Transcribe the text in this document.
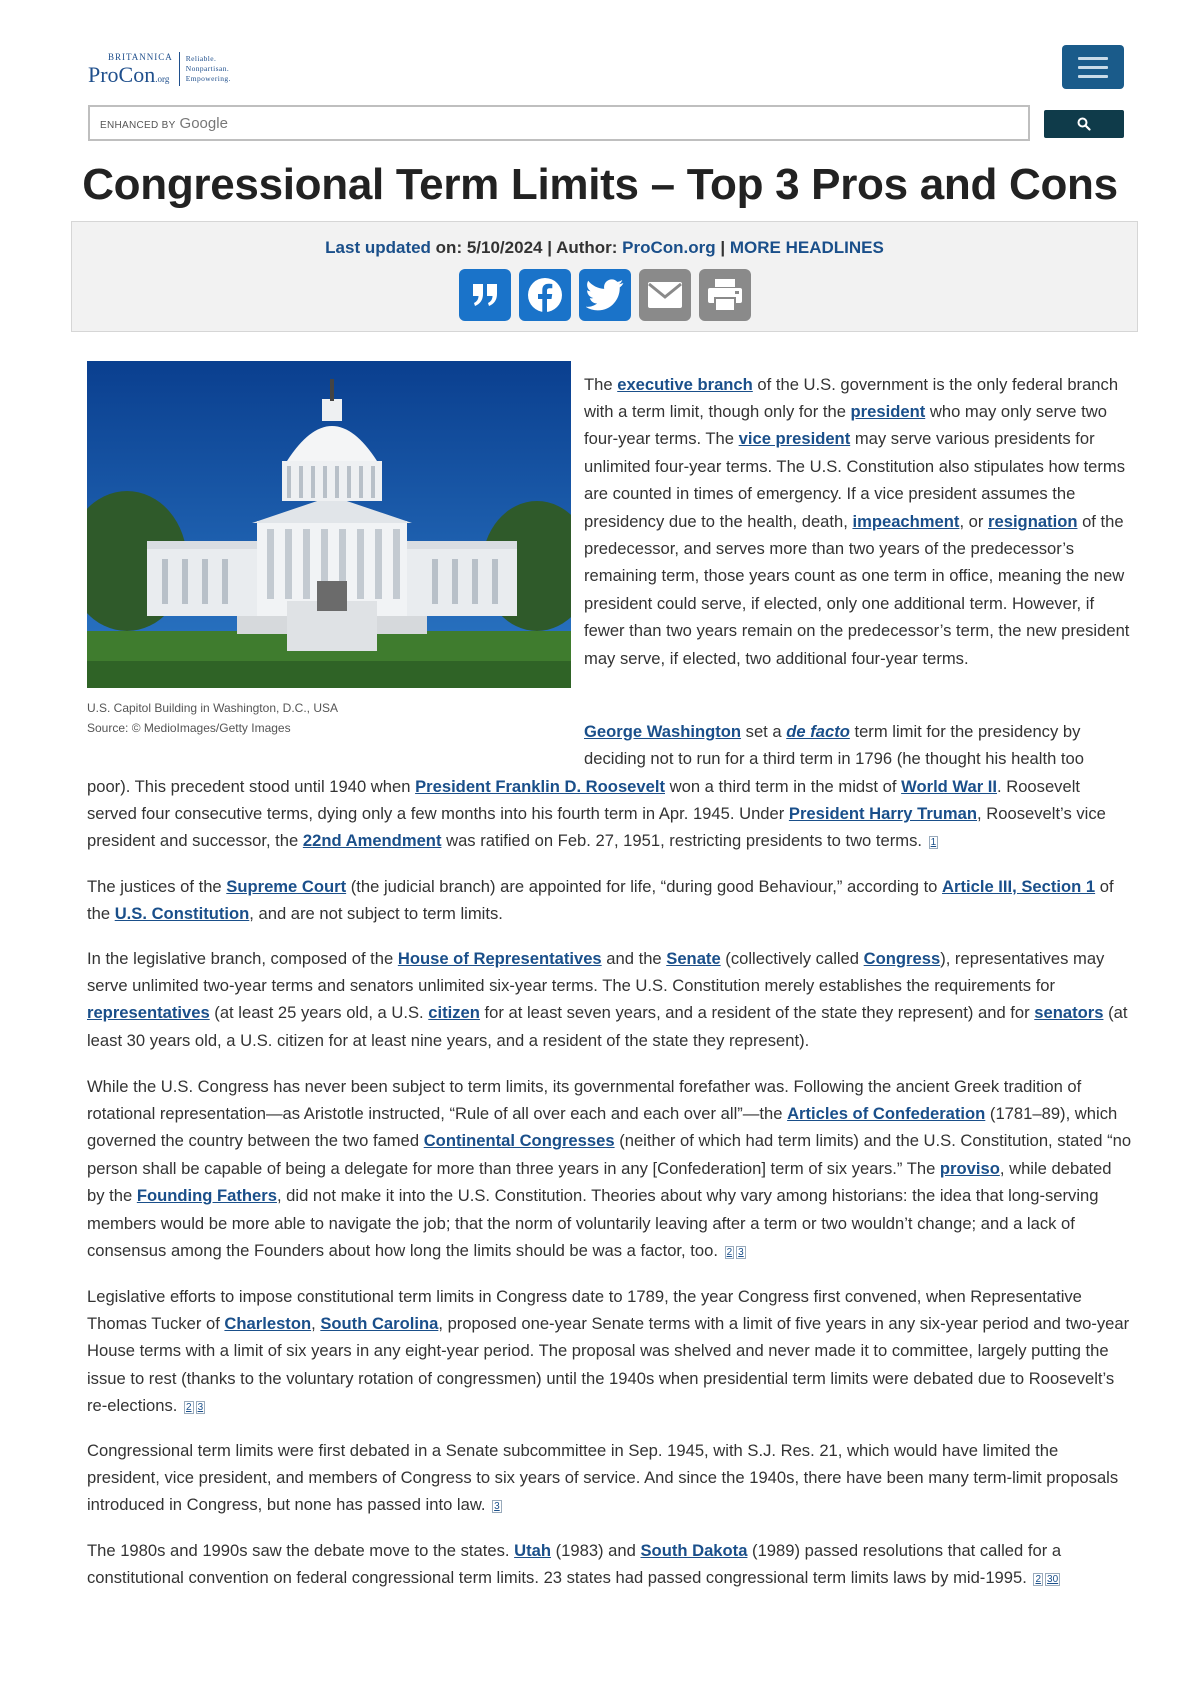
BRITANNICA
ProCon.org
Reliable.
Nonpartisan.
Empowering.
ENHANCED BY Google
Congressional Term Limits – Top 3 Pros and Cons
Last updated on: 5/10/2024 | Author: ProCon.org | MORE HEADLINES
U.S. Capitol Building in Washington, D.C., USA
Source: © MedioImages/Getty Images

The executive branch of the U.S. government is the only federal branch with a term limit, though only for the president who may only serve two four-year terms. The vice president may serve various presidents for unlimited four-year terms. The U.S. Constitution also stipulates how terms are counted in times of emergency. If a vice president assumes the presidency due to the health, death, impeachment, or resignation of the predecessor, and serves more than two years of the predecessor’s remaining term, those years count as one term in office, meaning the new president could serve, if elected, only one additional term. However, if fewer than two years remain on the predecessor’s term, the new president may serve, if elected, two additional four-year terms.

George Washington set a de facto term limit for the presidency by deciding not to run for a third term in 1796 (he thought his health too

poor). This precedent stood until 1940 when President Franklin D. Roosevelt won a third term in the midst of World War II. Roosevelt served four consecutive terms, dying only a few months into his fourth term in Apr. 1945. Under President Harry Truman, Roosevelt’s vice president and successor, the 22nd Amendment was ratified on Feb. 27, 1951, restricting presidents to two terms. 1

The justices of the Supreme Court (the judicial branch) are appointed for life, “during good Behaviour,” according to Article III, Section 1 of the U.S. Constitution, and are not subject to term limits.

In the legislative branch, composed of the House of Representatives and the Senate (collectively called Congress), representatives may serve unlimited two-year terms and senators unlimited six-year terms. The U.S. Constitution merely establishes the requirements for representatives (at least 25 years old, a U.S. citizen for at least seven years, and a resident of the state they represent) and for senators (at least 30 years old, a U.S. citizen for at least nine years, and a resident of the state they represent).

While the U.S. Congress has never been subject to term limits, its governmental forefather was. Following the ancient Greek tradition of rotational representation—as Aristotle instructed, “Rule of all over each and each over all”—the Articles of Confederation (1781–89), which governed the country between the two famed Continental Congresses (neither of which had term limits) and the U.S. Constitution, stated “no person shall be capable of being a delegate for more than three years in any [Confederation] term of six years.” The proviso, while debated by the Founding Fathers, did not make it into the U.S. Constitution. Theories about why vary among historians: the idea that long-serving members would be more able to navigate the job; that the norm of voluntarily leaving after a term or two wouldn’t change; and a lack of consensus among the Founders about how long the limits should be was a factor, too. 2 3

Legislative efforts to impose constitutional term limits in Congress date to 1789, the year Congress first convened, when Representative Thomas Tucker of Charleston, South Carolina, proposed one-year Senate terms with a limit of five years in any six-year period and two-year House terms with a limit of six years in any eight-year period. The proposal was shelved and never made it to committee, largely putting the issue to rest (thanks to the voluntary rotation of congressmen) until the 1940s when presidential term limits were debated due to Roosevelt’s re-elections. 2 3

Congressional term limits were first debated in a Senate subcommittee in Sep. 1945, with S.J. Res. 21, which would have limited the president, vice president, and members of Congress to six years of service. And since the 1940s, there have been many term-limit proposals introduced in Congress, but none has passed into law. 3

The 1980s and 1990s saw the debate move to the states. Utah (1983) and South Dakota (1989) passed resolutions that called for a constitutional convention on federal congressional term limits. 23 states had passed congressional term limits laws by mid-1995. 2 30
